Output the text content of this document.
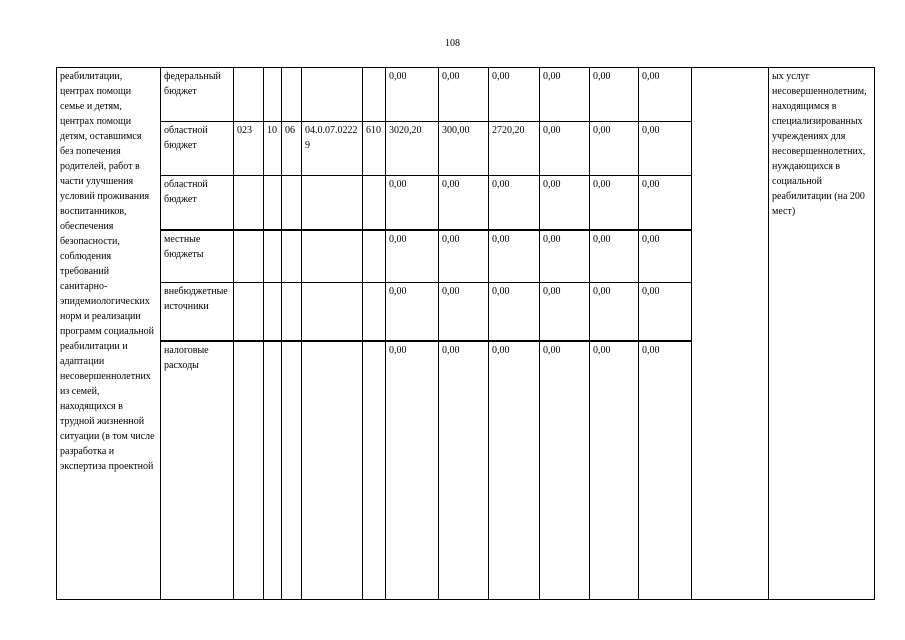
108
реабилитации, центрах помощи семье и детям, центрах помощи детям, оставшимся без попечения родителей, работ в части улучшения условий проживания воспитанников, обеспечения безопасности, соблюдения требований санитарно-эпидемиологических норм и реализации программ социальной реабилитации и адаптации несовершеннолетних из семей, находящихся в трудной жизненной ситуации (в том числе разработка и экспертиза проектной	федеральный бюджет						0,00	0,00	0,00	0,00	0,00	0,00		ых услуг несовершеннолетним, находящимся в специализированных учреждениях для несовершеннолетних, нуждающихся в социальной реабилитации (на 200 мест)
	областной бюджет	023	10	06	04.0.07.02229	610	3020,20	300,00	2720,20	0,00	0,00	0,00		
	областной бюджет						0,00	0,00	0,00	0,00	0,00	0,00		
	местные бюджеты						0,00	0,00	0,00	0,00	0,00	0,00		
	внебюджетные источники						0,00	0,00	0,00	0,00	0,00	0,00		
	налоговые расходы						0,00	0,00	0,00	0,00	0,00	0,00		
